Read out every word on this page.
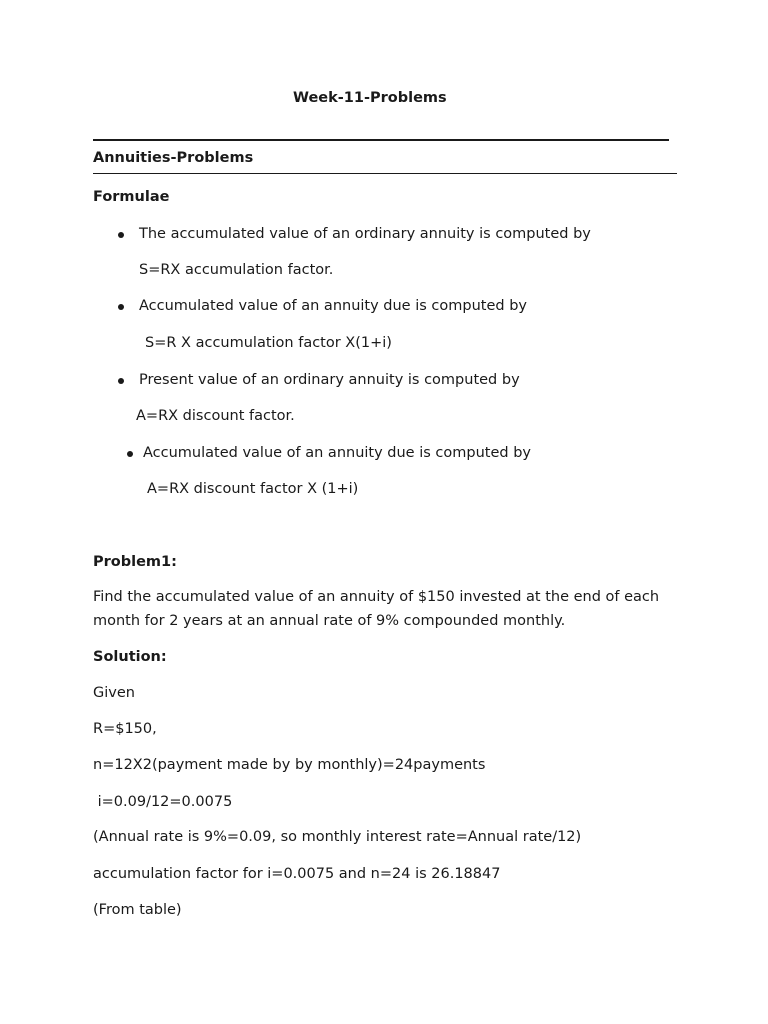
Week-11-Problems
Annuities-Problems
Formulae
The accumulated value of an ordinary annuity is computed by
S=RX accumulation factor.
Accumulated value of an annuity due is computed by
S=R X accumulation factor X(1+i)
Present value of an ordinary annuity is computed by
A=RX discount factor.
Accumulated value of an annuity due is computed by
A=RX discount factor X (1+i)
Problem1:
Find the accumulated value of an annuity of $150 invested at the end of each
month for 2 years at an annual rate of 9% compounded monthly.
Solution:
Given
R=$150,
n=12X2(payment made by by monthly)=24payments
i=0.09/12=0.0075
(Annual rate is 9%=0.09, so monthly interest rate=Annual rate/12)
accumulation factor for i=0.0075 and n=24 is 26.18847
(From table)
